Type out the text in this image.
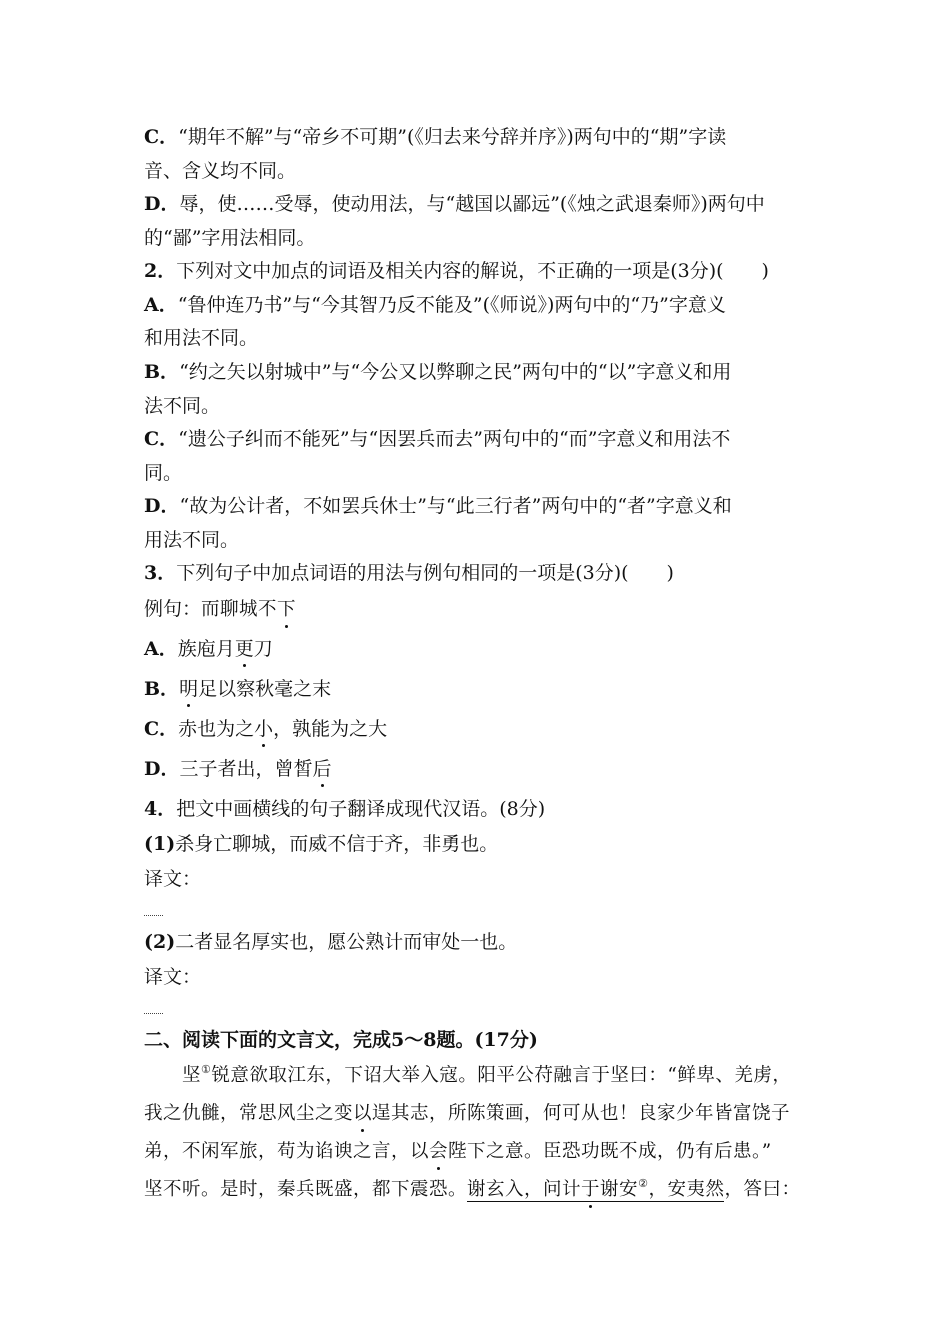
C．“期年不解”与“帝乡不可期”(《归去来兮辞并序》)两句中的“期”字读
音、含义均不同。
D．辱，使……受辱，使动用法，与“越国以鄙远”(《烛之武退秦师》)两句中
的“鄙”字用法相同。
2．下列对文中加点的词语及相关内容的解说，不正确的一项是(3分)(　　)
A．“鲁仲连乃书”与“今其智乃反不能及”(《师说》)两句中的“乃”字意义
和用法不同。
B．“约之矢以射城中”与“今公又以弊聊之民”两句中的“以”字意义和用
法不同。
C．“遗公子纠而不能死”与“因罢兵而去”两句中的“而”字意义和用法不
同。
D．“故为公计者，不如罢兵休士”与“此三行者”两句中的“者”字意义和
用法不同。
3．下列句子中加点词语的用法与例句相同的一项是(3分)(　　)
例句：而聊城不下
A．族庖月更刀
B．明足以察秋毫之末
C．赤也为之小，孰能为之大
D．三子者出，曾皙后
4．把文中画横线的句子翻译成现代汉语。(8分)
(1)杀身亡聊城，而威不信于齐，非勇也。
译文：
(2)二者显名厚实也，愿公熟计而审处一也。
译文：
二、阅读下面的文言文，完成5～8题。(17分)
坚①锐意欲取江东，下诏大举入寇。阳平公苻融言于坚曰：“鲜卑、羌虏，
我之仇雠，常思风尘之变以逞其志，所陈策画，何可从也！良家少年皆富饶子
弟，不闲军旅，苟为谄谀之言，以会陛下之意。臣恐功既不成，仍有后患。”
坚不听。是时，秦兵既盛，都下震恐。谢玄入，问计于谢安②，安夷然，答曰：
